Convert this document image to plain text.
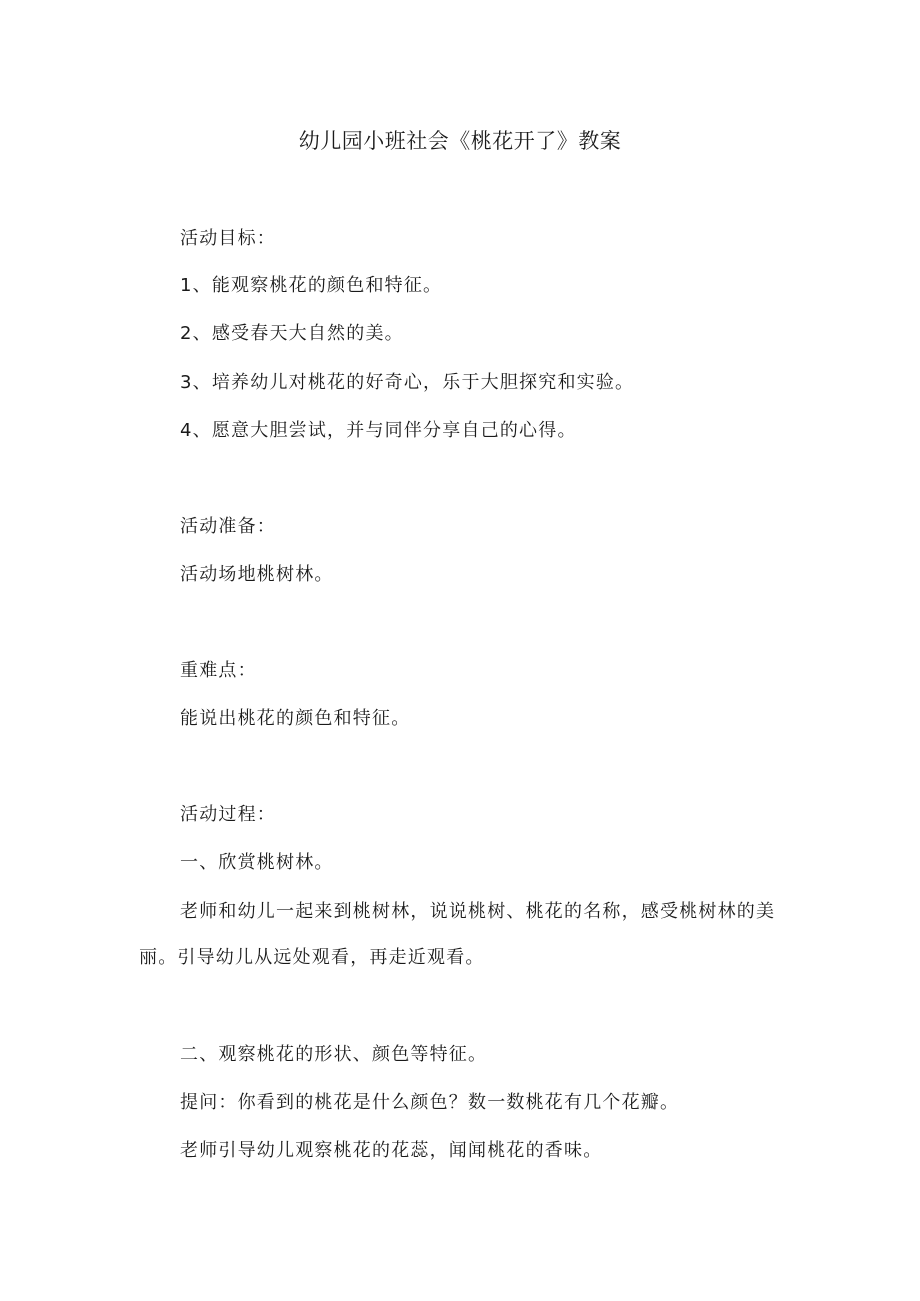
幼儿园小班社会《桃花开了》教案
活动目标：
1、能观察桃花的颜色和特征。
2、感受春天大自然的美。
3、培养幼儿对桃花的好奇心，乐于大胆探究和实验。
4、愿意大胆尝试，并与同伴分享自己的心得。
活动准备：
活动场地桃树林。
重难点：
能说出桃花的颜色和特征。
活动过程：
一、欣赏桃树林。
老师和幼儿一起来到桃树林，说说桃树、桃花的名称，感受桃树林的美丽。引导幼儿从远处观看，再走近观看。
二、观察桃花的形状、颜色等特征。
提问：你看到的桃花是什么颜色？数一数桃花有几个花瓣。
老师引导幼儿观察桃花的花蕊，闻闻桃花的香味。
